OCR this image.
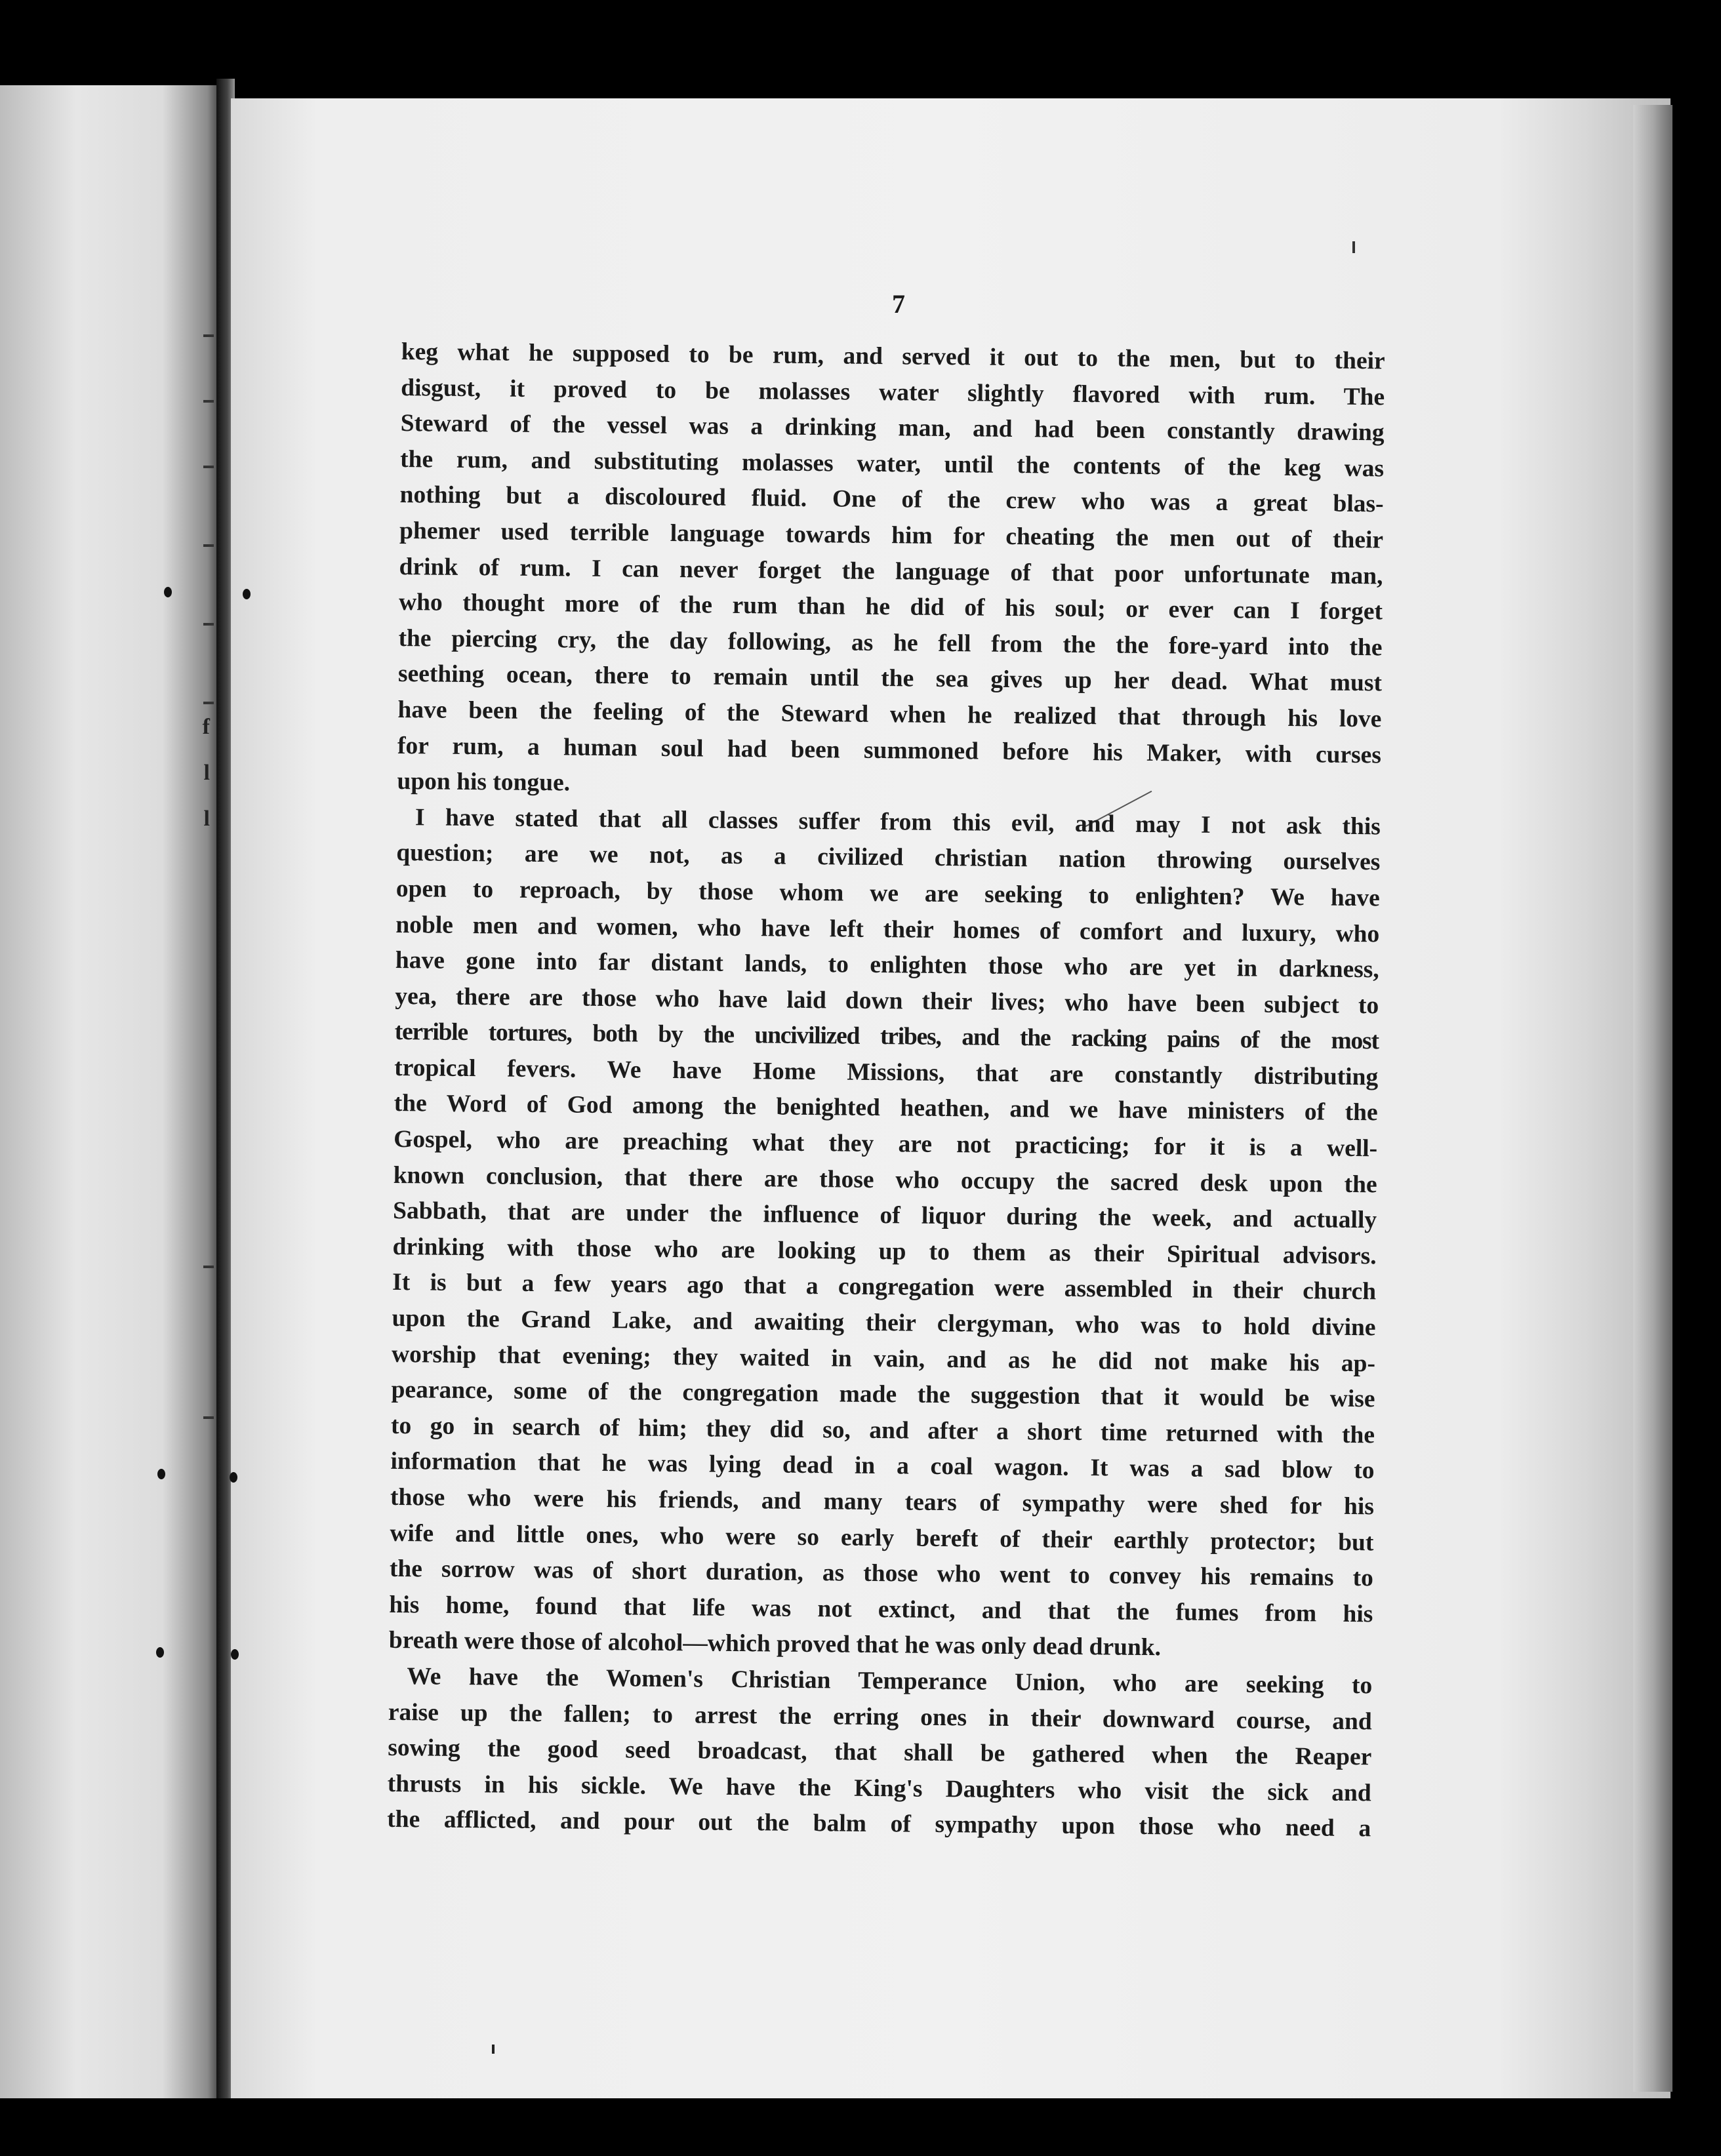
f
l
l
7
keg what he supposed to be rum, and served it out to the men, but to their
disgust, it proved to be molasses water slightly flavored with rum. The
Steward of the vessel was a drinking man, and had been constantly drawing
the rum, and substituting molasses water, until the contents of the keg was
nothing but a discoloured fluid. One of the crew who was a great blas-
phemer used terrible language towards him for cheating the men out of their
drink of rum. I can never forget the language of that poor unfortunate man,
who thought more of the rum than he did of his soul; or ever can I forget
the piercing cry, the day following, as he fell from the the fore-yard into the
seething ocean, there to remain until the sea gives up her dead. What must
have been the feeling of the Steward when he realized that through his love
for rum, a human soul had been summoned before his Maker, with curses
upon his tongue.
I have stated that all classes suffer from this evil, and may I not ask this
question; are we not, as a civilized christian nation throwing ourselves
open to reproach, by those whom we are seeking to enlighten? We have
noble men and women, who have left their homes of comfort and luxury, who
have gone into far distant lands, to enlighten those who are yet in darkness,
yea, there are those who have laid down their lives; who have been subject to
terrible tortures, both by the uncivilized tribes, and the racking pains of the most
tropical fevers. We have Home Missions, that are constantly distributing
the Word of God among the benighted heathen, and we have ministers of the
Gospel, who are preaching what they are not practicing; for it is a well-
known conclusion, that there are those who occupy the sacred desk upon the
Sabbath, that are under the influence of liquor during the week, and actually
drinking with those who are looking up to them as their Spiritual advisors.
It is but a few years ago that a congregation were assembled in their church
upon the Grand Lake, and awaiting their clergyman, who was to hold divine
worship that evening; they waited in vain, and as he did not make his ap-
pearance, some of the congregation made the suggestion that it would be wise
to go in search of him; they did so, and after a short time returned with the
information that he was lying dead in a coal wagon. It was a sad blow to
those who were his friends, and many tears of sympathy were shed for his
wife and little ones, who were so early bereft of their earthly protector; but
the sorrow was of short duration, as those who went to convey his remains to
his home, found that life was not extinct, and that the fumes from his
breath were those of alcohol—which proved that he was only dead drunk.
We have the Women's Christian Temperance Union, who are seeking to
raise up the fallen; to arrest the erring ones in their downward course, and
sowing the good seed broadcast, that shall be gathered when the Reaper
thrusts in his sickle. We have the King's Daughters who visit the sick and
the afflicted, and pour out the balm of sympathy upon those who need a
